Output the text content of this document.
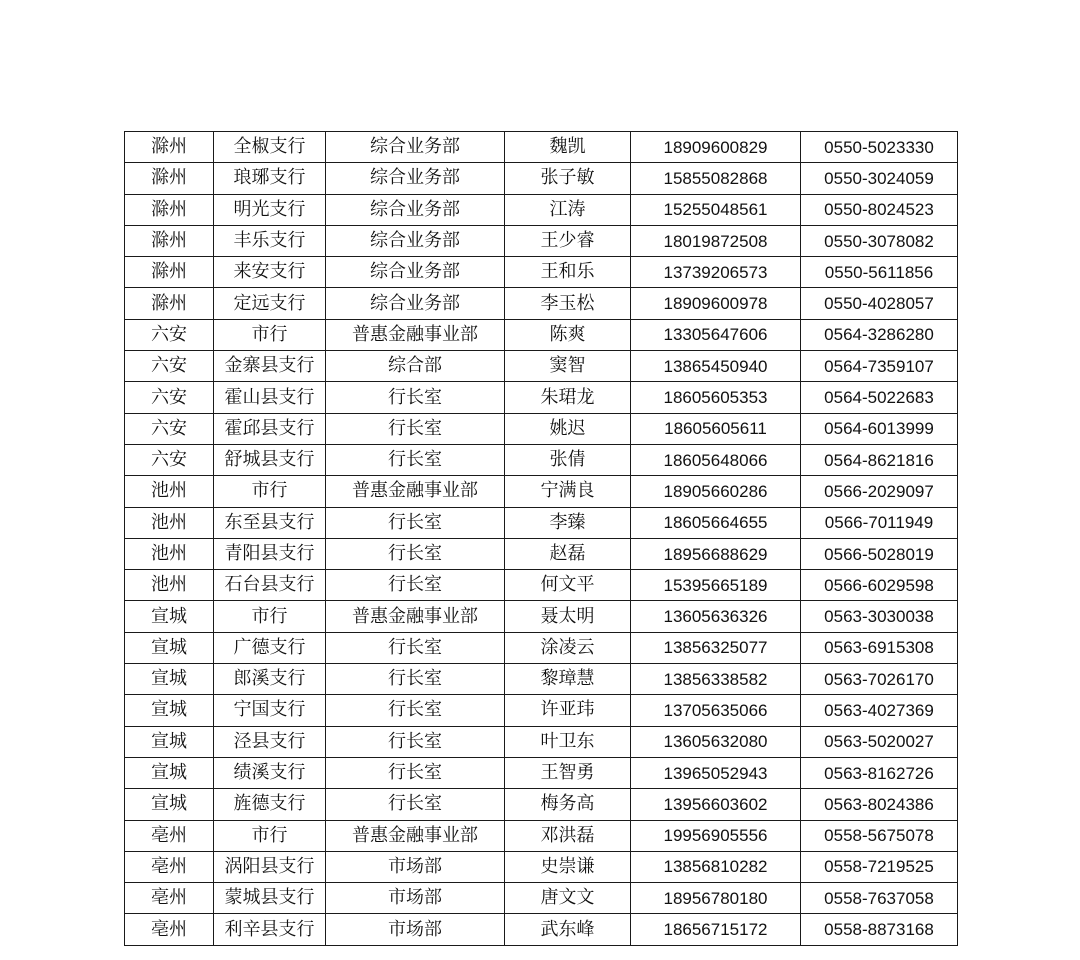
滁州	全椒支行	综合业务部	魏凯	18909600829	0550-5023330
滁州	琅琊支行	综合业务部	张子敏	15855082868	0550-3024059
滁州	明光支行	综合业务部	江涛	15255048561	0550-8024523
滁州	丰乐支行	综合业务部	王少睿	18019872508	0550-3078082
滁州	来安支行	综合业务部	王和乐	13739206573	0550-5611856
滁州	定远支行	综合业务部	李玉松	18909600978	0550-4028057
六安	市行	普惠金融事业部	陈爽	13305647606	0564-3286280
六安	金寨县支行	综合部	窦智	13865450940	0564-7359107
六安	霍山县支行	行长室	朱珺龙	18605605353	0564-5022683
六安	霍邱县支行	行长室	姚迟	18605605611	0564-6013999
六安	舒城县支行	行长室	张倩	18605648066	0564-8621816
池州	市行	普惠金融事业部	宁满良	18905660286	0566-2029097
池州	东至县支行	行长室	李臻	18605664655	0566-7011949
池州	青阳县支行	行长室	赵磊	18956688629	0566-5028019
池州	石台县支行	行长室	何文平	15395665189	0566-6029598
宣城	市行	普惠金融事业部	聂太明	13605636326	0563-3030038
宣城	广德支行	行长室	涂凌云	13856325077	0563-6915308
宣城	郎溪支行	行长室	黎璋慧	13856338582	0563-7026170
宣城	宁国支行	行长室	许亚玮	13705635066	0563-4027369
宣城	泾县支行	行长室	叶卫东	13605632080	0563-5020027
宣城	绩溪支行	行长室	王智勇	13965052943	0563-8162726
宣城	旌德支行	行长室	梅务高	13956603602	0563-8024386
亳州	市行	普惠金融事业部	邓洪磊	19956905556	0558-5675078
亳州	涡阳县支行	市场部	史崇谦	13856810282	0558-7219525
亳州	蒙城县支行	市场部	唐文文	18956780180	0558-7637058
亳州	利辛县支行	市场部	武东峰	18656715172	0558-8873168
